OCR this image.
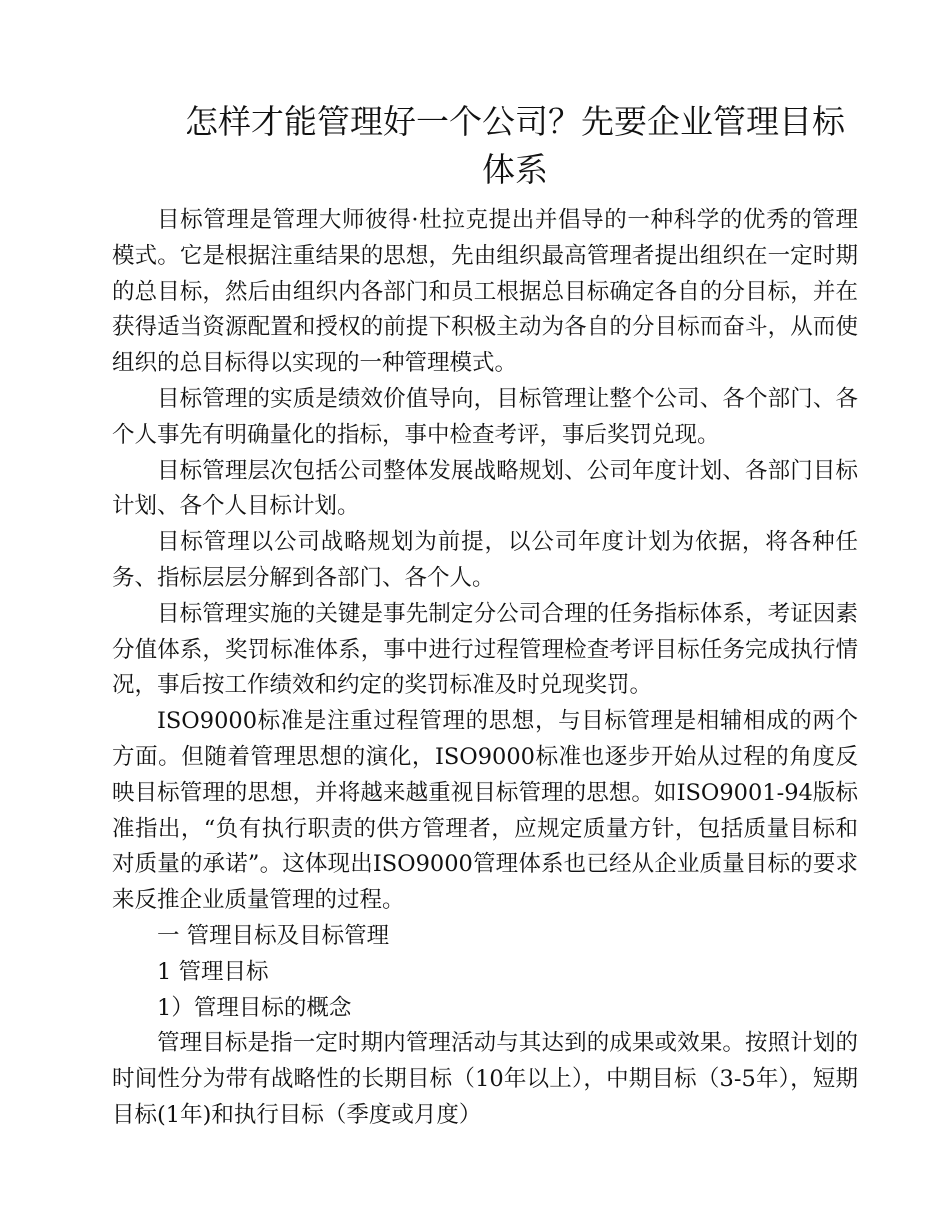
怎样才能管理好一个公司？先要企业管理目标体系

目标管理是管理大师彼得·杜拉克提出并倡导的一种科学的优秀的管理模式。它是根据注重结果的思想，先由组织最高管理者提出组织在一定时期的总目标，然后由组织内各部门和员工根据总目标确定各自的分目标，并在获得适当资源配置和授权的前提下积极主动为各自的分目标而奋斗，从而使组织的总目标得以实现的一种管理模式。

目标管理的实质是绩效价值导向，目标管理让整个公司、各个部门、各个人事先有明确量化的指标，事中检查考评，事后奖罚兑现。

目标管理层次包括公司整体发展战略规划、公司年度计划、各部门目标计划、各个人目标计划。

目标管理以公司战略规划为前提，以公司年度计划为依据，将各种任务、指标层层分解到各部门、各个人。

目标管理实施的关键是事先制定分公司合理的任务指标体系，考证因素分值体系，奖罚标准体系，事中进行过程管理检查考评目标任务完成执行情况，事后按工作绩效和约定的奖罚标准及时兑现奖罚。

ISO9000标准是注重过程管理的思想，与目标管理是相辅相成的两个方面。但随着管理思想的演化，ISO9000标准也逐步开始从过程的角度反映目标管理的思想，并将越来越重视目标管理的思想。如ISO9001-94版标准指出，“负有执行职责的供方管理者，应规定质量方针，包括质量目标和对质量的承诺”。这体现出ISO9000管理体系也已经从企业质量目标的要求来反推企业质量管理的过程。

一 管理目标及目标管理

1 管理目标

1）管理目标的概念

管理目标是指一定时期内管理活动与其达到的成果或效果。按照计划的时间性分为带有战略性的长期目标（10年以上），中期目标（3-5年），短期目标(1年)和执行目标（季度或月度）
